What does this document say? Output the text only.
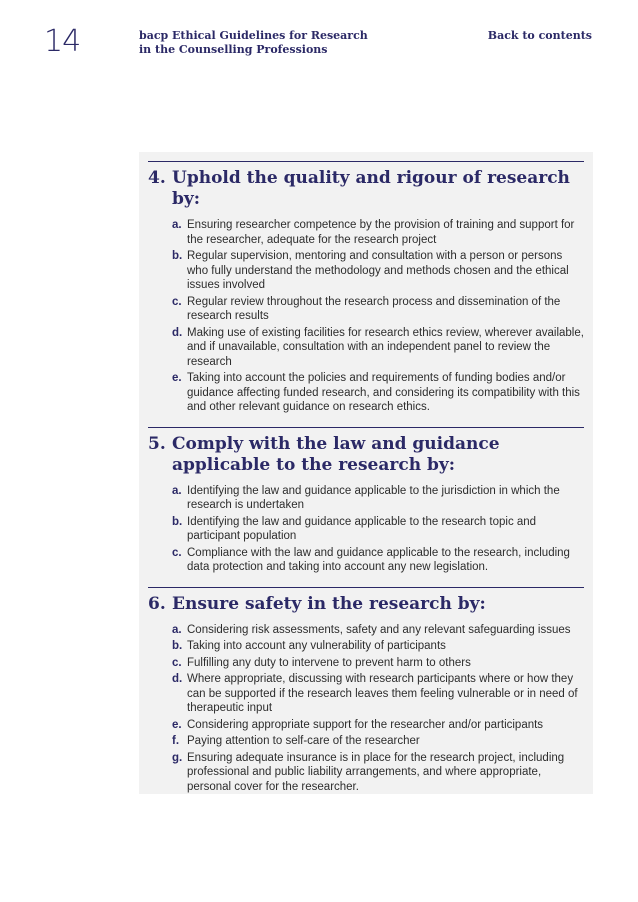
14	bacp Ethical Guidelines for Research
in the Counselling Professions
Back to contents
4. Uphold the quality and rigour of research by:
a. Ensuring researcher competence by the provision of training and support for the researcher, adequate for the research project
b. Regular supervision, mentoring and consultation with a person or persons who fully understand the methodology and methods chosen and the ethical issues involved
c. Regular review throughout the research process and dissemination of the research results
d. Making use of existing facilities for research ethics review, wherever available, and if unavailable, consultation with an independent panel to review the research
e. Taking into account the policies and requirements of funding bodies and/or guidance affecting funded research, and considering its compatibility with this and other relevant guidance on research ethics.
5. Comply with the law and guidance applicable to the research by:
a. Identifying the law and guidance applicable to the jurisdiction in which the research is undertaken
b. Identifying the law and guidance applicable to the research topic and participant population
c. Compliance with the law and guidance applicable to the research, including data protection and taking into account any new legislation.
6. Ensure safety in the research by:
a. Considering risk assessments, safety and any relevant safeguarding issues
b. Taking into account any vulnerability of participants
c. Fulfilling any duty to intervene to prevent harm to others
d. Where appropriate, discussing with research participants where or how they can be supported if the research leaves them feeling vulnerable or in need of therapeutic input
e. Considering appropriate support for the researcher and/or participants
f. Paying attention to self-care of the researcher
g. Ensuring adequate insurance is in place for the research project, including professional and public liability arrangements, and where appropriate, personal cover for the researcher.
